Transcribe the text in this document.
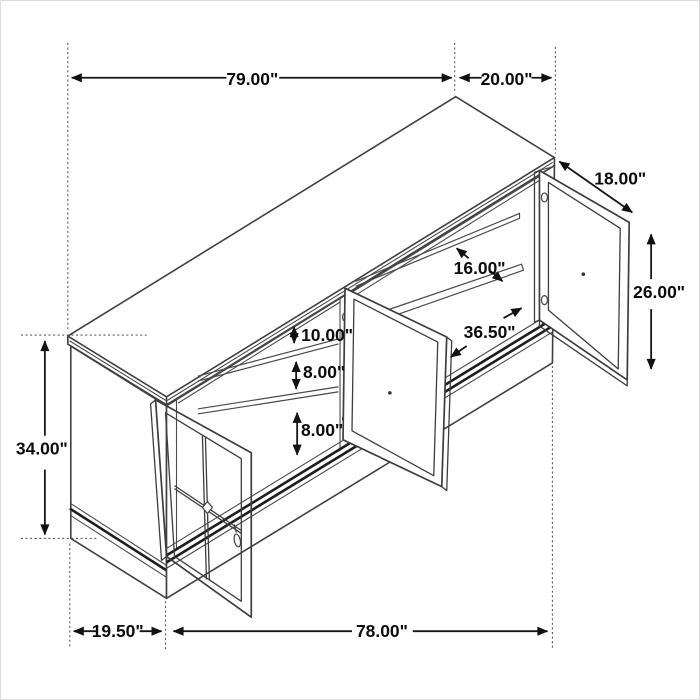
79.00"	20.00"
18.00"
26.00"
16.00"
36.50"
10.00"
8.00"
8.00"
34.00"
19.50"	78.00"
